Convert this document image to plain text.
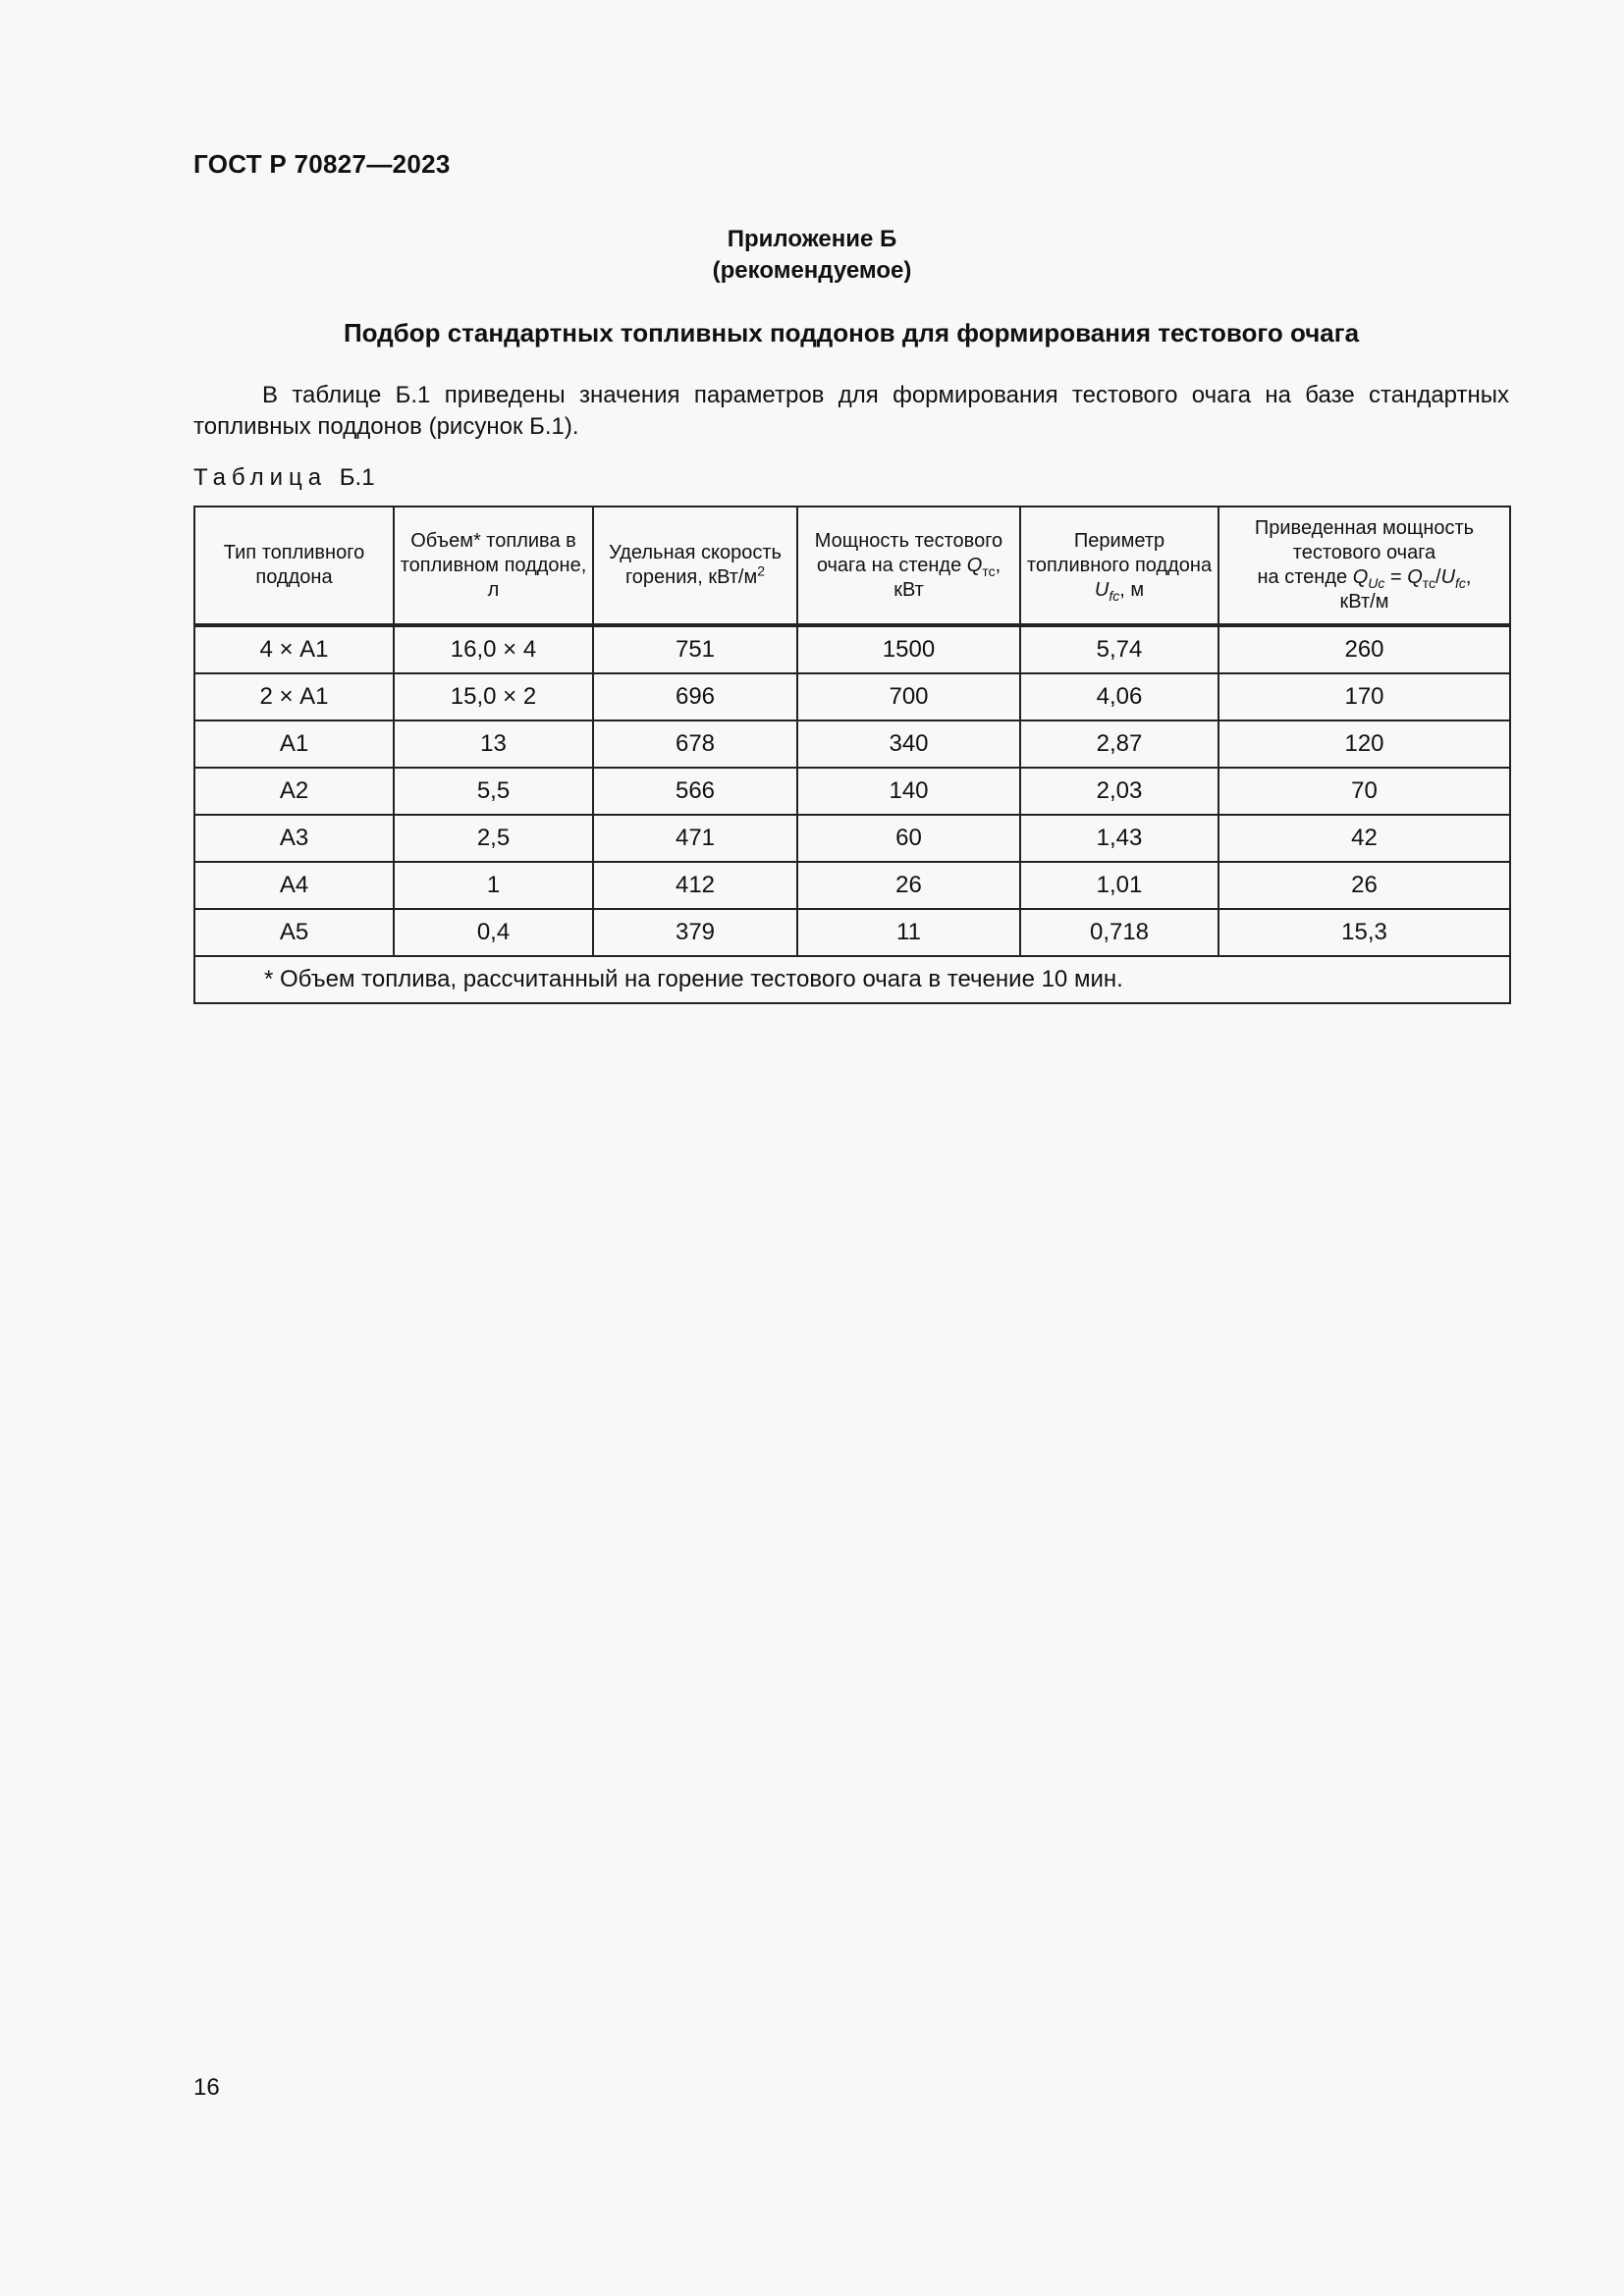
ГОСТ Р 70827—2023
Приложение Б
(рекомендуемое)
Подбор стандартных топливных поддонов для формирования тестового очага
В таблице Б.1 приведены значения параметров для формирования тестового очага на базе стандартных топливных поддонов (рисунок Б.1).
Таблица Б.1
Тип топливного поддона	Объем* топлива в топливном поддоне, л	Удельная скорость горения, кВт/$м^2$	Мощность тестового очага на стенде $Q_{тс}$, кВт	Периметр топливного поддона $U_{fc}$, м	Приведенная мощность тестового очага
на стенде $Q_{Uc} = Q_{тс}/U_{fc}$,
кВт/м
4 × А1	16,0 × 4	751	1500	5,74	260
2 × А1	15,0 × 2	696	700	4,06	170
А1	13	678	340	2,87	120
А2	5,5	566	140	2,03	70
А3	2,5	471	60	1,43	42
А4	1	412	26	1,01	26
А5	0,4	379	11	0,718	15,3
* Объем топлива, рассчитанный на горение тестового очага в течение 10 мин.					
16
